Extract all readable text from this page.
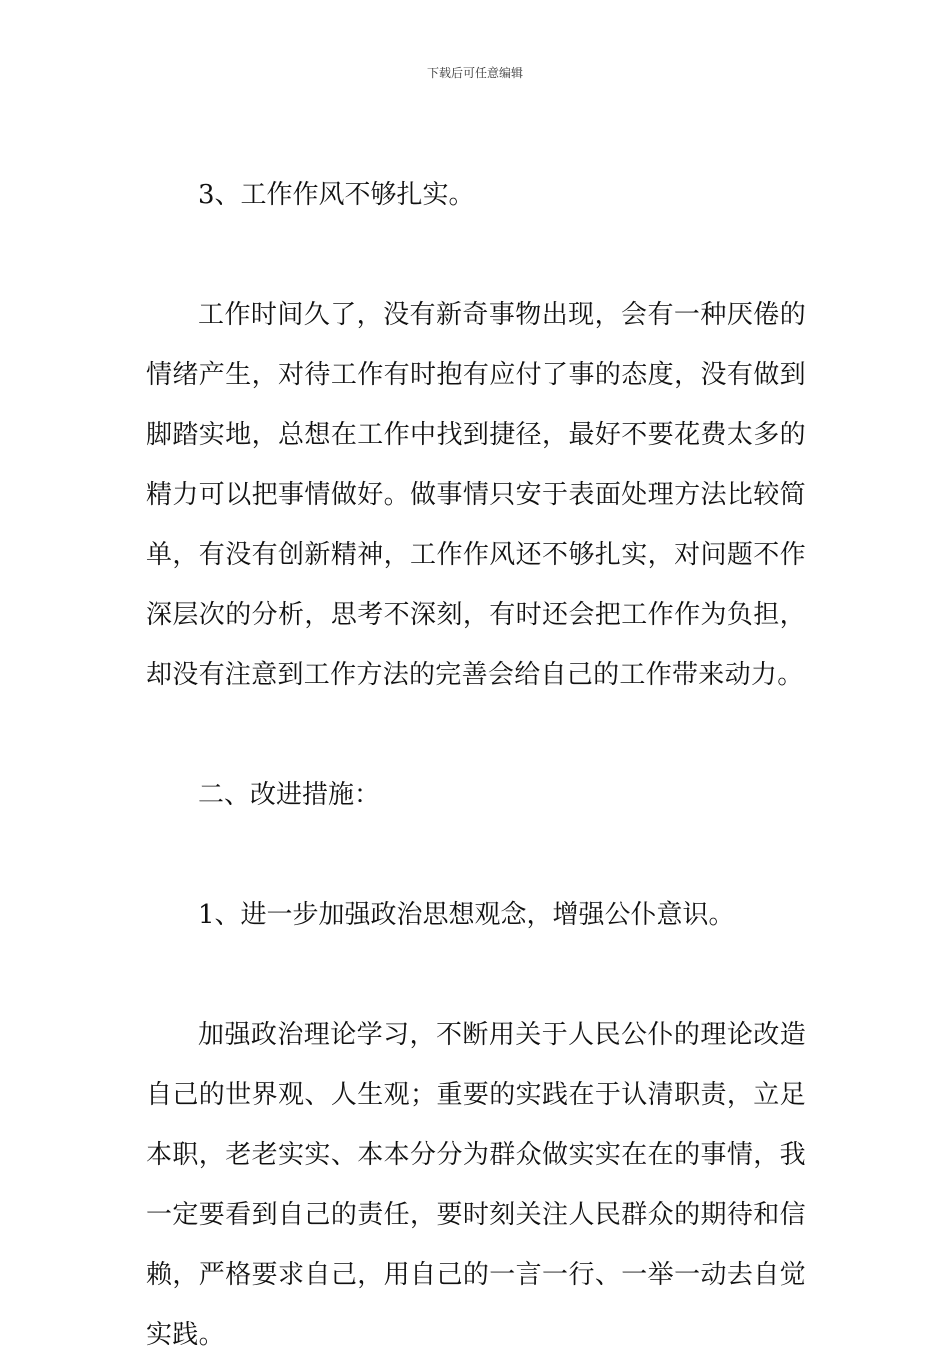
下载后可任意编辑

3、工作作风不够扎实。

工作时间久了，没有新奇事物出现，会有一种厌倦的情绪产生，对待工作有时抱有应付了事的态度，没有做到脚踏实地，总想在工作中找到捷径，最好不要花费太多的精力可以把事情做好。做事情只安于表面处理方法比较简单，有没有创新精神，工作作风还不够扎实，对问题不作深层次的分析，思考不深刻，有时还会把工作作为负担，却没有注意到工作方法的完善会给自己的工作带来动力。

二、改进措施：

1、进一步加强政治思想观念，增强公仆意识。

加强政治理论学习，不断用关于人民公仆的理论改造自己的世界观、人生观；重要的实践在于认清职责，立足本职，老老实实、本本分分为群众做实实在在的事情，我一定要看到自己的责任，要时刻关注人民群众的期待和信赖，严格要求自己，用自己的一言一行、一举一动去自觉实践。
